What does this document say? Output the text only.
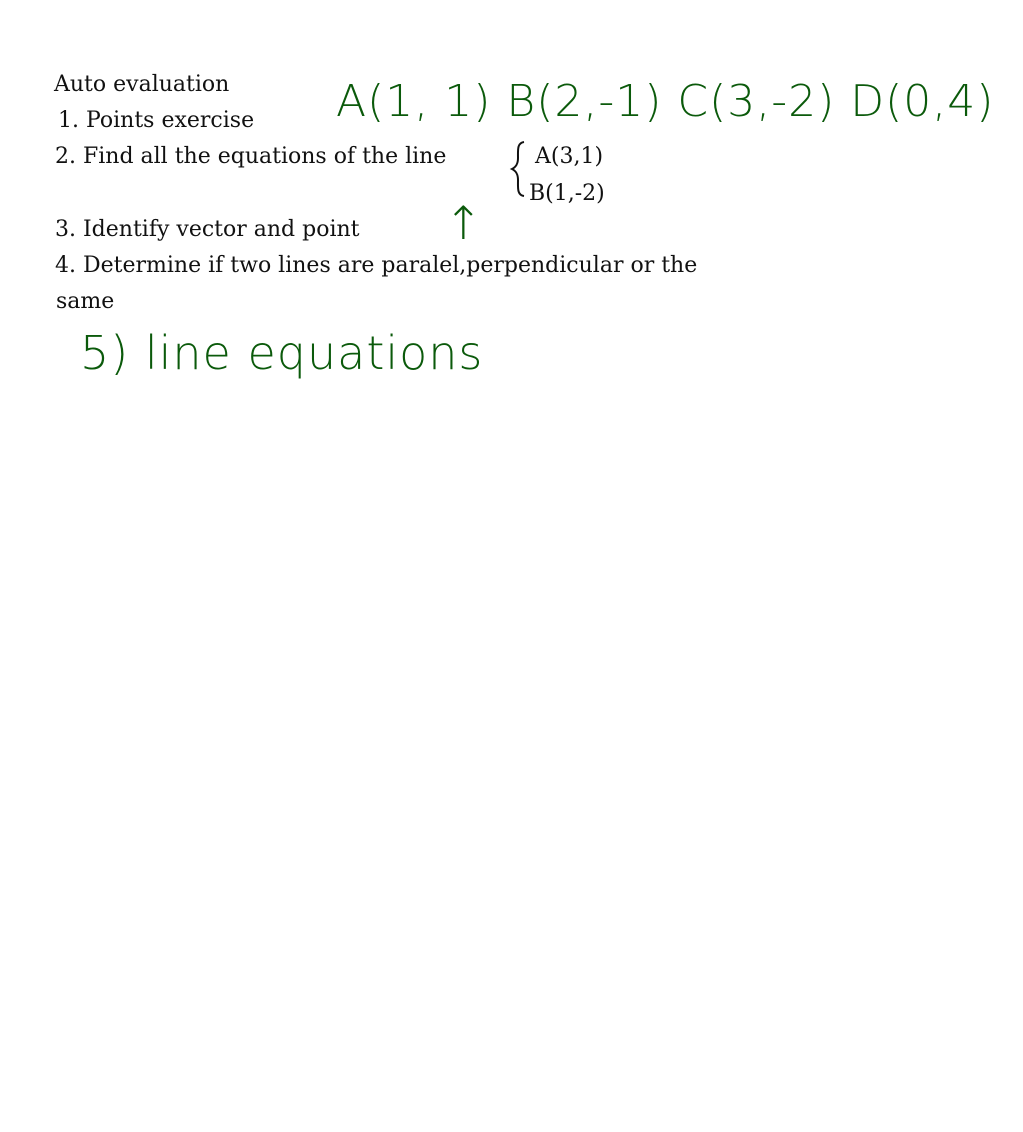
Auto evaluation
1. Points exercise
2. Find all the equations of the line	A(3,1)
B(1,-2)
3. Identify vector and point
4. Determine if two lines are paralel,perpendicular or the
same
A(1, 1) B(2,-1) C(3,-2) D(0,4)
↑
5) line equations
